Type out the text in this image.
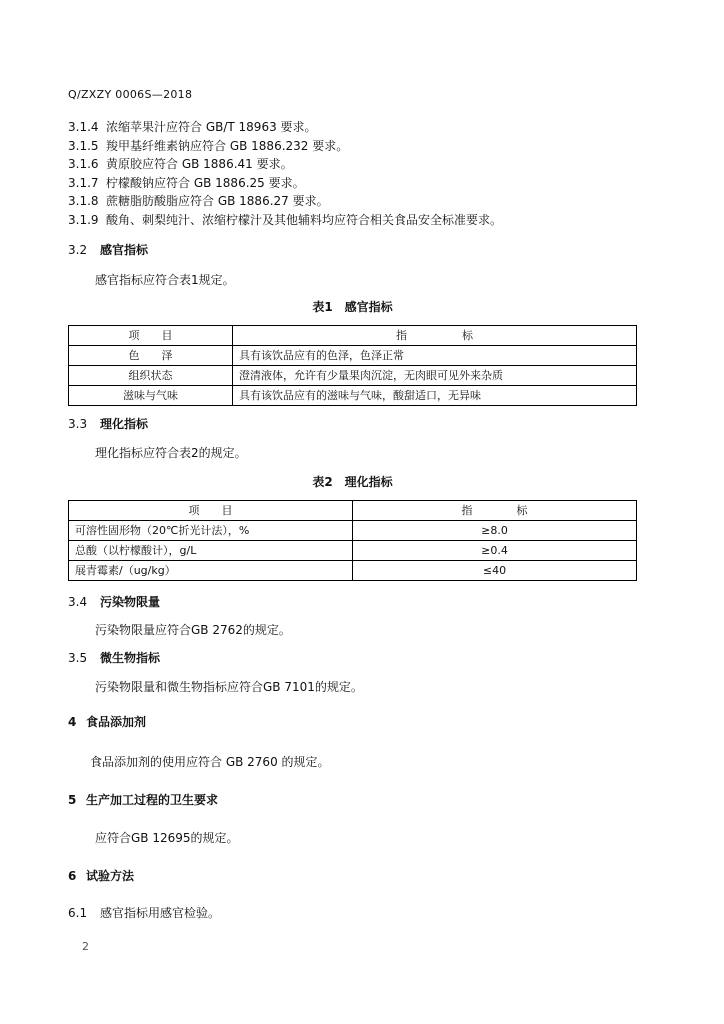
Q/ZXZY 0006S—2018
3.1.4 浓缩苹果汁应符合 GB/T 18963 要求。
3.1.5 羧甲基纤维素钠应符合 GB 1886.232 要求。
3.1.6 黄原胶应符合 GB 1886.41 要求。
3.1.7 柠檬酸钠应符合 GB 1886.25 要求。
3.1.8 蔗糖脂肪酸脂应符合 GB 1886.27 要求。
3.1.9 酸角、刺梨纯汁、浓缩柠檬汁及其他辅料均应符合相关食品安全标准要求。
3.2 感官指标
感官指标应符合表1规定。
表1　感官指标
项　　目	指　　　　　标
色　　泽	具有该饮品应有的色泽，色泽正常
组织状态	澄清液体，允许有少量果肉沉淀，无肉眼可见外来杂质
滋味与气味	具有该饮品应有的滋味与气味，酸甜适口，无异味
3.3 理化指标
理化指标应符合表2的规定。
表2　理化指标
项　　目	指　　　　标
可溶性固形物（20℃折光计法），%	≥8.0
总酸（以柠檬酸计），g/L	≥0.4
展青霉素/（ug/kg）	≤40
3.4 污染物限量
污染物限量应符合GB 2762的规定。
3.5 微生物指标
污染物限量和微生物指标应符合GB 7101的规定。
4 食品添加剂
食品添加剂的使用应符合 GB 2760 的规定。
5 生产加工过程的卫生要求
应符合GB 12695的规定。
6 试验方法
6.1 感官指标用感官检验。
2
